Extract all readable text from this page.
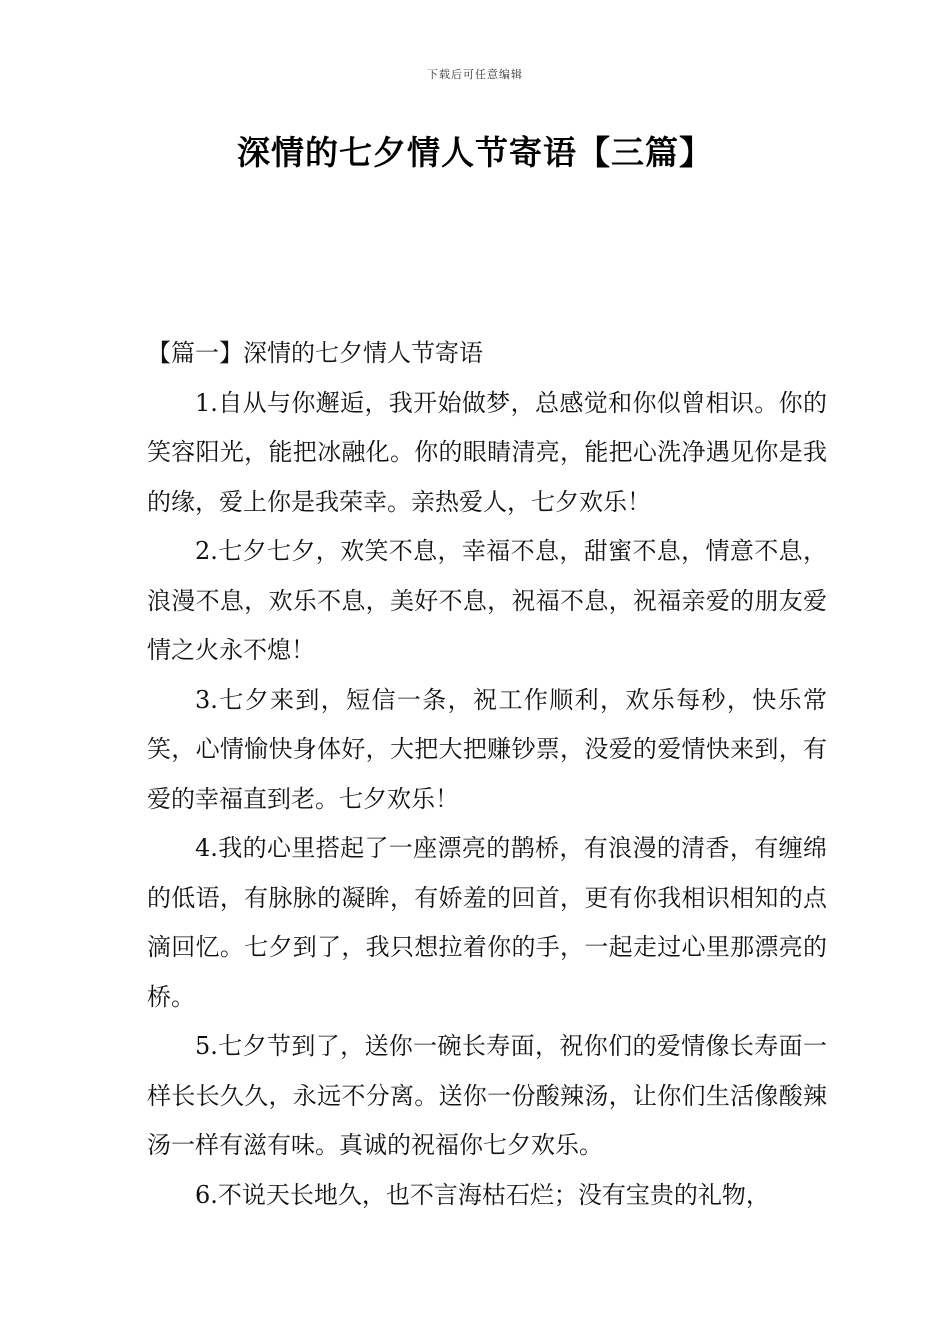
下载后可任意编辑
深情的七夕情人节寄语【三篇】

【篇一】深情的七夕情人节寄语

1.自从与你邂逅，我开始做梦，总感觉和你似曾相识。你的笑容阳光，能把冰融化。你的眼睛清亮，能把心洗净遇见你是我的缘，爱上你是我荣幸。亲热爱人，七夕欢乐！

2.七夕七夕，欢笑不息，幸福不息，甜蜜不息，情意不息，浪漫不息，欢乐不息，美好不息，祝福不息，祝福亲爱的朋友爱情之火永不熄！

3.七夕来到，短信一条，祝工作顺利，欢乐每秒，快乐常笑，心情愉快身体好，大把大把赚钞票，没爱的爱情快来到，有爱的幸福直到老。七夕欢乐！

4.我的心里搭起了一座漂亮的鹊桥，有浪漫的清香，有缠绵的低语，有脉脉的凝眸，有娇羞的回首，更有你我相识相知的点滴回忆。七夕到了，我只想拉着你的手，一起走过心里那漂亮的桥。

5.七夕节到了，送你一碗长寿面，祝你们的爱情像长寿面一样长长久久，永远不分离。送你一份酸辣汤，让你们生活像酸辣汤一样有滋有味。真诚的祝福你七夕欢乐。

6.不说天长地久，也不言海枯石烂；没有宝贵的礼物，
